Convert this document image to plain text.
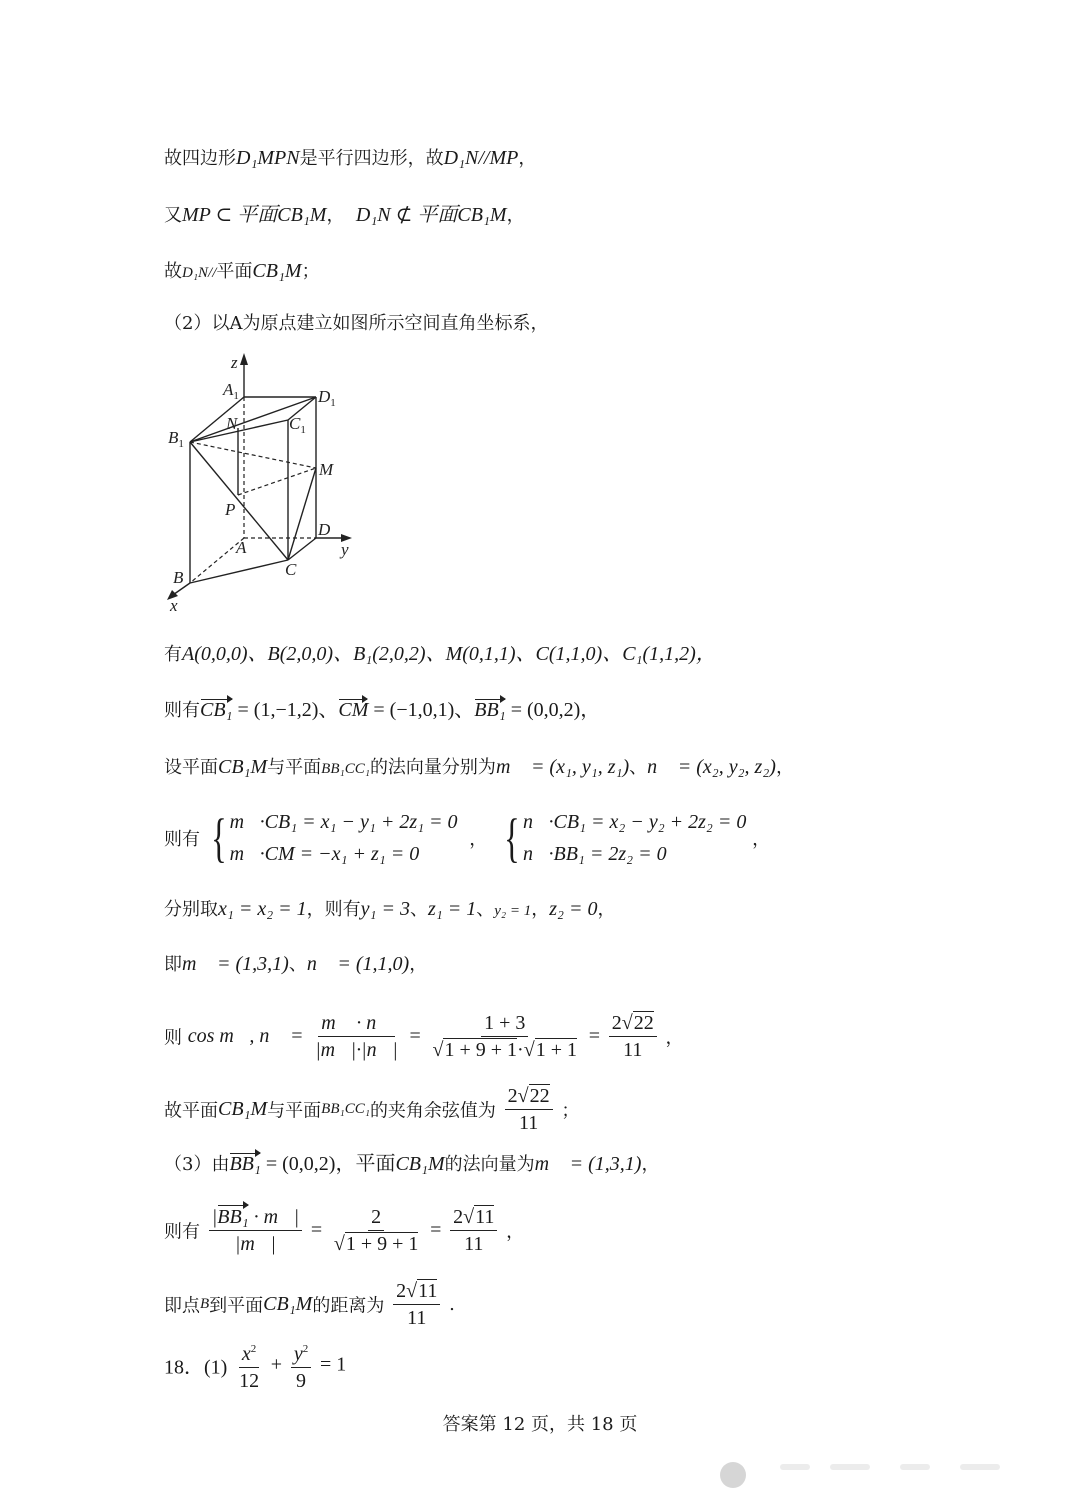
故四边形D₁MPN是平行四边形，故D₁N//MP，
又MP ⊂ 平面CB₁M， D₁N ⊄ 平面CB₁M，
故D₁N//平面CB₁M；
（2）以A为原点建立如图所示空间直角坐标系，
z
$A_1$	$D_1$
N	$C_1$
$B_1$
M
P
D
y
A
B	C
x
有A(0,0,0)、B(2,0,0)、B₁(2,0,2)、M(0,1,1)、C(1,1,0)、C₁(1,1,2)，
则有CB₁ = (1,−1,2)、CM = (−1,0,1)、BB₁ = (0,0,2)，
设平面CB₁M与平面BB₁CC₁的法向量分别为m⃗ = (x₁, y₁, z₁)、n⃗ = (x₂, y₂, z₂)，
则有 { m⃗·CB₁ = x₁ − y₁ + 2z₁ = 0
m⃗·CM = −x₁ + z₁ = 0
， { n⃗·CB₁ = x₂ − y₂ + 2z₂ = 0
n⃗·BB₁ = 2z₂ = 0
，
分别取x₁ = x₂ = 1，则有y₁ = 3、z₁ = 1、y₂ = 1，z₂ = 0，
即m⃗ = (1,3,1)、n⃗ = (1,1,0)，
则 cos m⃗, n⃗ = $\frac{m⃗ \cdot n⃗}{|m⃗|\cdot|n⃗|} = \frac{1 + 3}{√1 + 9 + 1\cdot√1 + 1} = \frac{2√22}{11}$ ，
故平面CB₁M与平面BB₁CC₁的夹角余弦值为 $\frac{2√22}{11}$ ；
（3）由BB₁ = (0,0,2)，平面CB₁M的法向量为m⃗ = (1,3,1)，
则有 $\frac{\text{|BB₁ · m⃗|}}{|m⃗|} = \frac{2}{√1 + 9 + 1} = \frac{2√11}{11}$ ，
即点B到平面CB₁M的距离为 $\frac{2√11}{11}$ .
18．$(1) \frac{x^2}{12} + \frac{y^2}{9} = 1$
答案第 12 页，共 18 页
